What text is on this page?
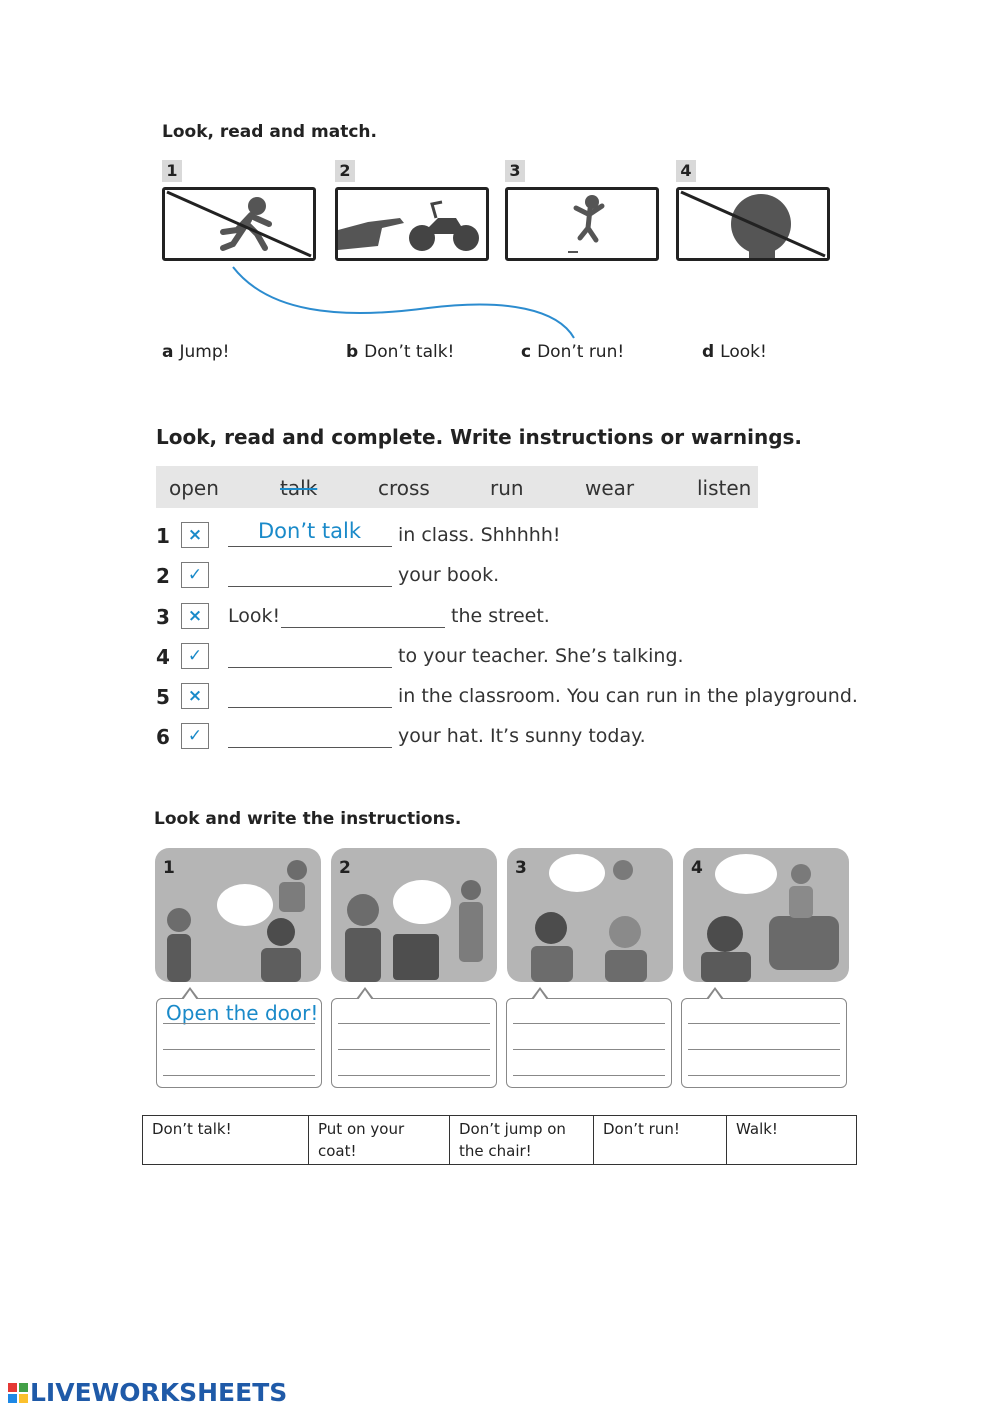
Look, read and match.
1	2	3	4
a Jump!	b Don’t talk!	c Don’t run!	d Look!
Look, read and complete. Write instructions or warnings.
open	talk	cross	run	wear	listen
1	×	Don’t talk in class. Shhhhh!
2	✓	your book.
3	×	Look!	the street.
4	✓	to your teacher. She’s talking.
5	×	in the classroom. You can run in the playground.
6	✓	your hat. It’s sunny today.
Look and write the instructions.
1	2	3	4
Open the door!
Don’t talk!	Put on your coat!	Don’t jump on the chair!	Don’t run!	Walk!
LIVEWORKSHEETS
